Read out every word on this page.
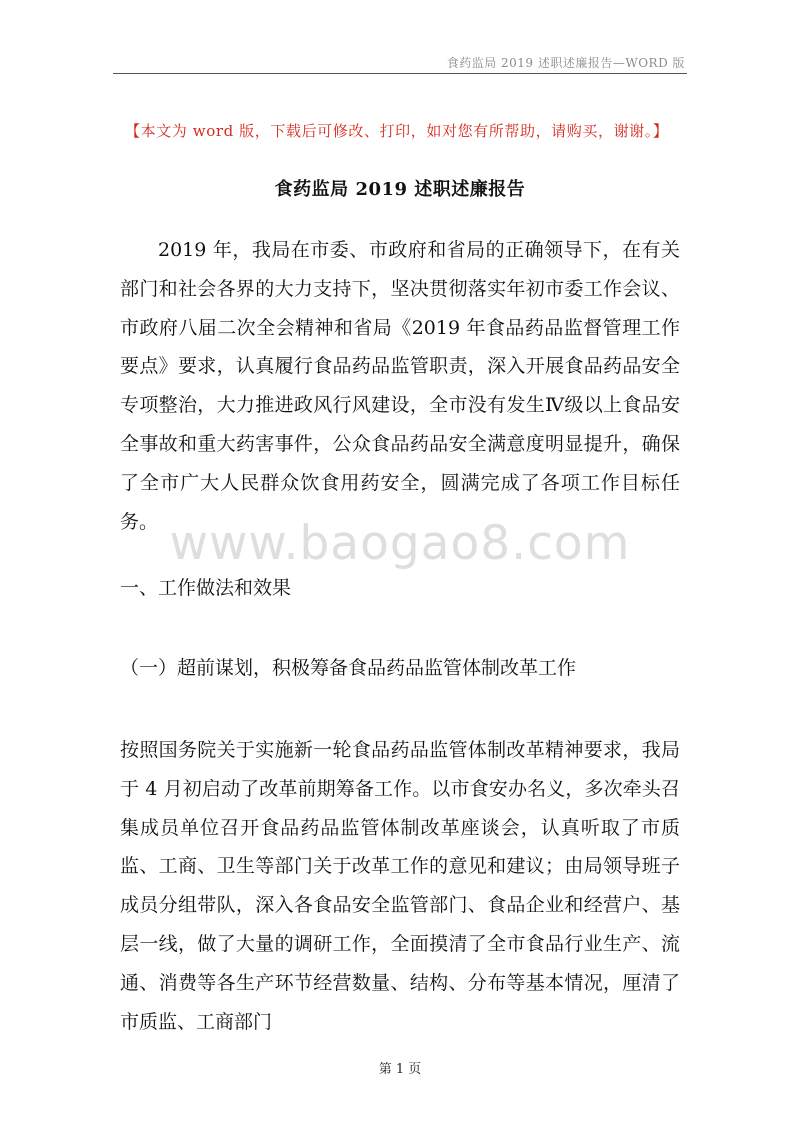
食药监局 2019 述职述廉报告—WORD 版
【本文为 word 版，下载后可修改、打印，如对您有所帮助，请购买，谢谢。】
食药监局 2019 述职述廉报告

2019 年，我局在市委、市政府和省局的正确领导下，在有关部门和社会各界的大力支持下，坚决贯彻落实年初市委工作会议、市政府八届二次全会精神和省局《2019 年食品药品监督管理工作要点》要求，认真履行食品药品监管职责，深入开展食品药品安全专项整治，大力推进政风行风建设，全市没有发生Ⅳ级以上食品安全事故和重大药害事件，公众食品药品安全满意度明显提升，确保了全市广大人民群众饮食用药安全，圆满完成了各项工作目标任务。 www.baogao8.com

一、工作做法和效果

（一）超前谋划，积极筹备食品药品监管体制改革工作

按照国务院关于实施新一轮食品药品监管体制改革精神要求，我局于 4 月初启动了改革前期筹备工作。以市食安办名义，多次牵头召集成员单位召开食品药品监管体制改革座谈会，认真听取了市质监、工商、卫生等部门关于改革工作的意见和建议；由局领导班子成员分组带队，深入各食品安全监管部门、食品企业和经营户、基层一线，做了大量的调研工作，全面摸清了全市食品行业生产、流通、消费等各生产环节经营数量、结构、分布等基本情况，厘清了市质监、工商部门

第 1 页
